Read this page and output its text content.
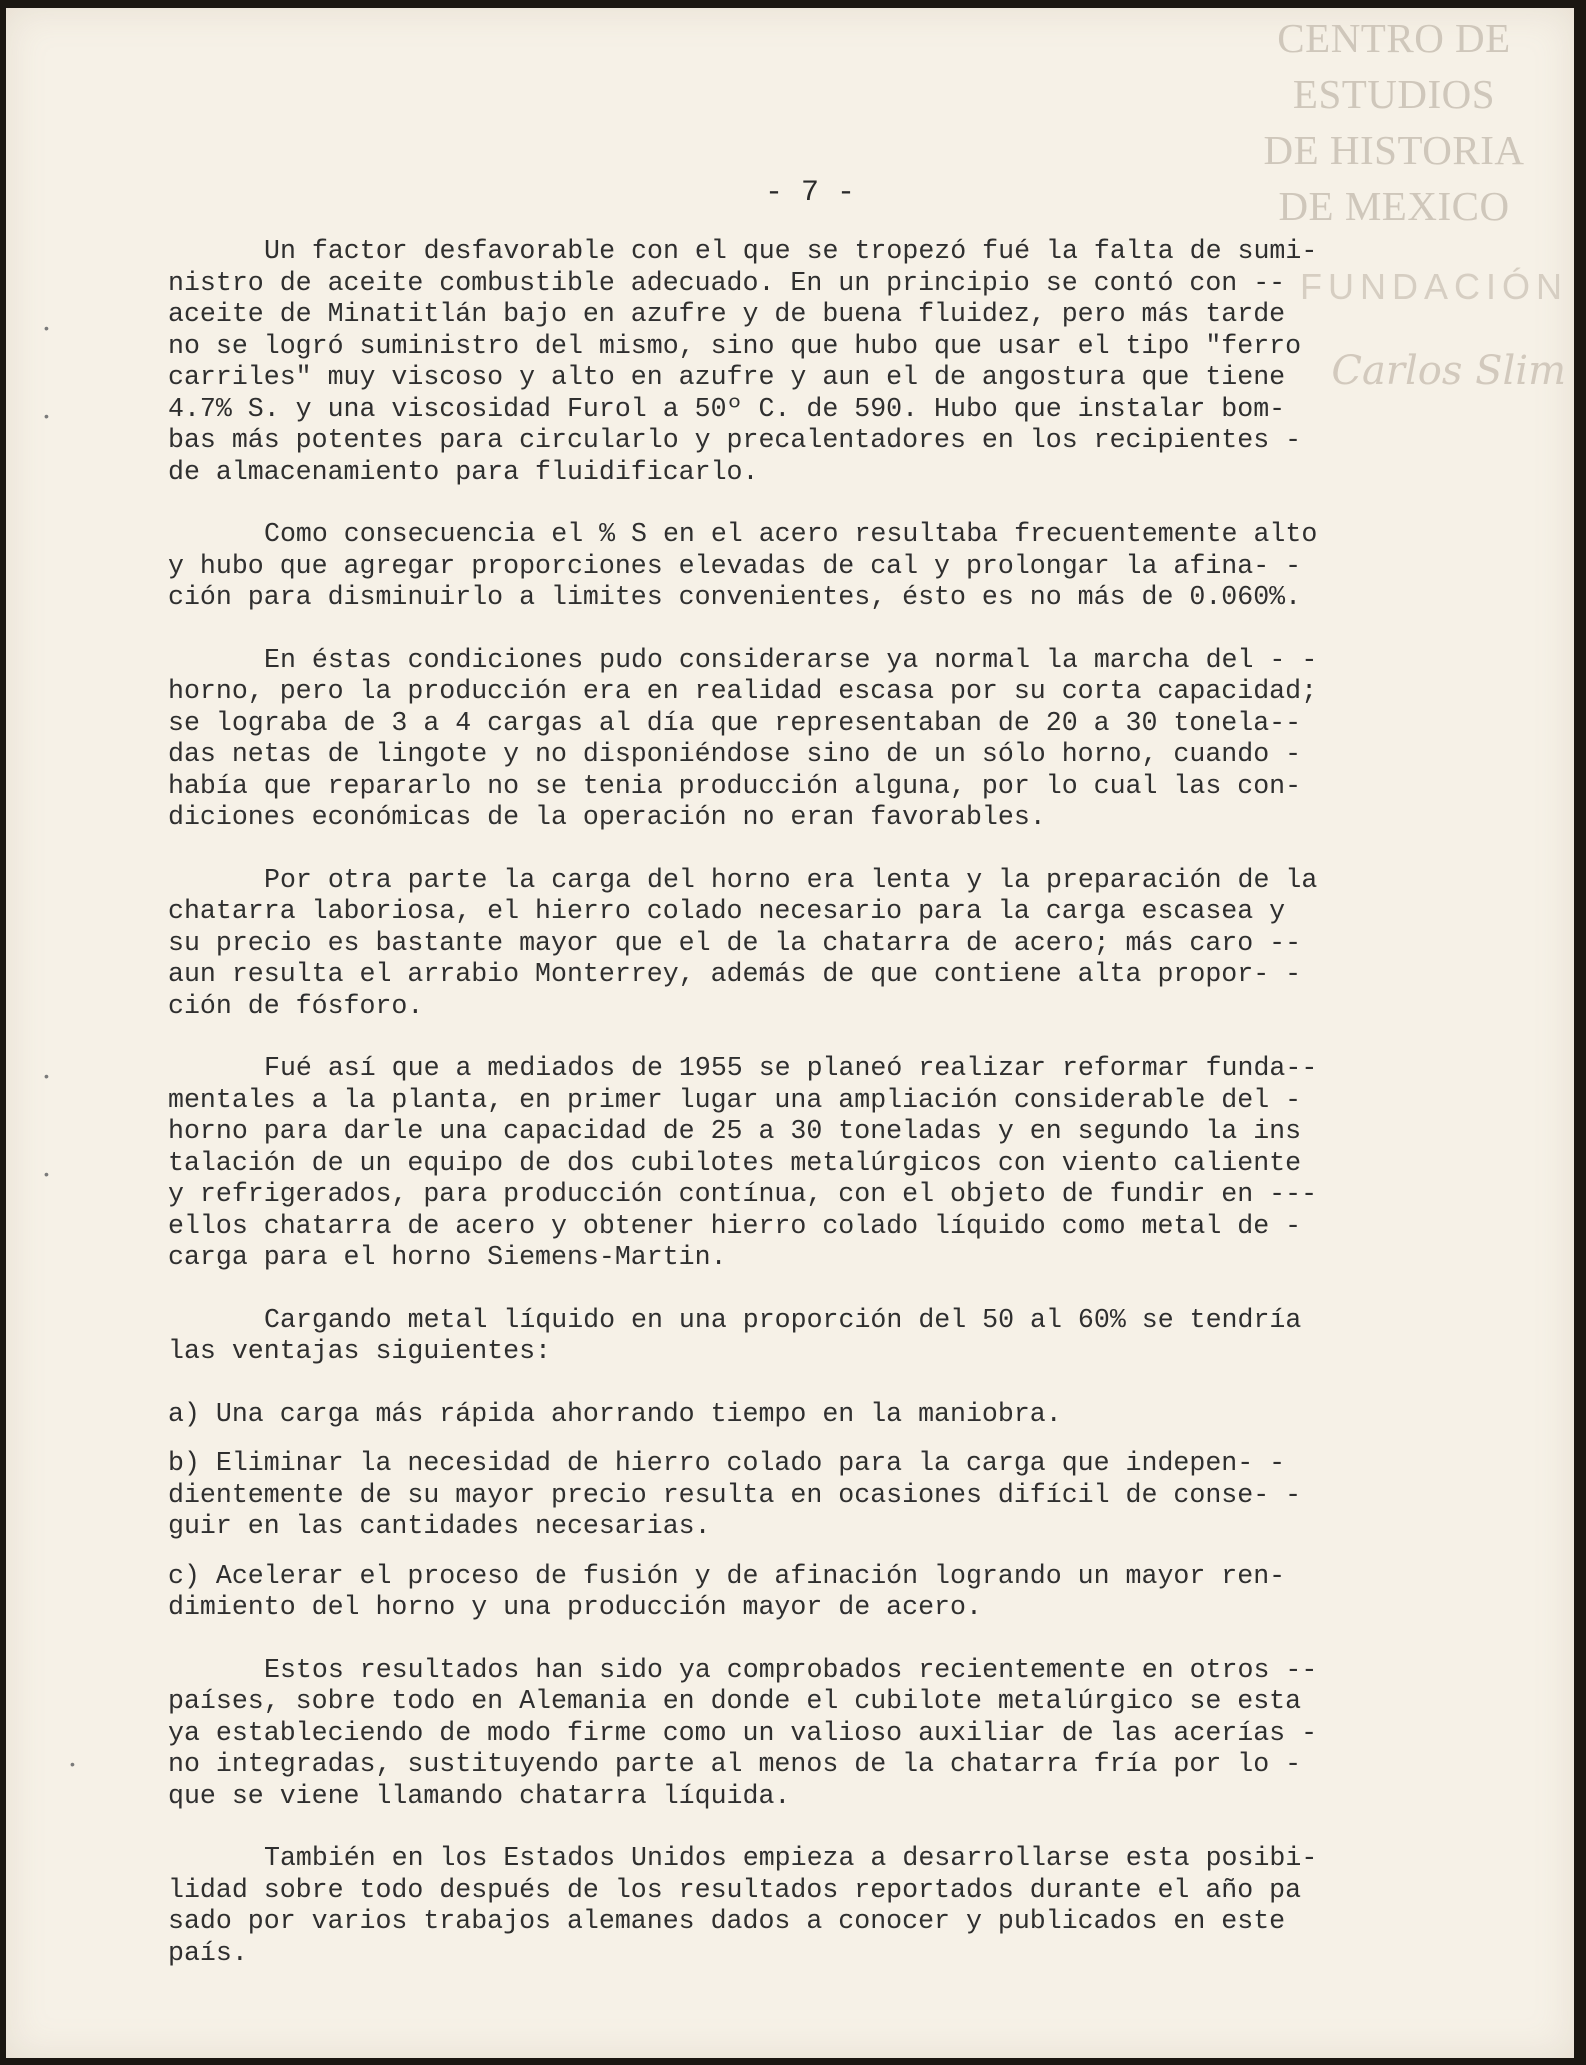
CENTRO DE
ESTUDIOS
DE HISTORIA
DE MEXICO
FUNDACIÓN
Carlos Slim
- 7 -
•
•
•
•
•
Un factor desfavorable con el que se tropezó fué la falta de sumi-
nistro de aceite combustible adecuado. En un principio se contó con --
aceite de Minatitlán bajo en azufre y de buena fluidez, pero más tarde
no se logró suministro del mismo, sino que hubo que usar el tipo "ferro
carriles" muy viscoso y alto en azufre y aun el de angostura que tiene
4.7% S. y una viscosidad Furol a 50º C. de 590. Hubo que instalar bom-
bas más potentes para circularlo y precalentadores en los recipientes -
de almacenamiento para fluidificarlo.
Como consecuencia el % S en el acero resultaba frecuentemente alto
y hubo que agregar proporciones elevadas de cal y prolongar la afina- -
ción para disminuirlo a limites convenientes, ésto es no más de 0.060%.
En éstas condiciones pudo considerarse ya normal la marcha del - -
horno, pero la producción era en realidad escasa por su corta capacidad;
se lograba de 3 a 4 cargas al día que representaban de 20 a 30 tonela--
das netas de lingote y no disponiéndose sino de un sólo horno, cuando -
había que repararlo no se tenia producción alguna, por lo cual las con-
diciones económicas de la operación no eran favorables.
Por otra parte la carga del horno era lenta y la preparación de la
chatarra laboriosa, el hierro colado necesario para la carga escasea y
su precio es bastante mayor que el de la chatarra de acero; más caro --
aun resulta el arrabio Monterrey, además de que contiene alta propor- -
ción de fósforo.
Fué así que a mediados de 1955 se planeó realizar reformar funda--
mentales a la planta, en primer lugar una ampliación considerable del -
horno para darle una capacidad de 25 a 30 toneladas y en segundo la ins
talación de un equipo de dos cubilotes metalúrgicos con viento caliente
y refrigerados, para producción contínua, con el objeto de fundir en ---
ellos chatarra de acero y obtener hierro colado líquido como metal de -
carga para el horno Siemens-Martin.
Cargando metal líquido en una proporción del 50 al 60% se tendría
las ventajas siguientes:
a) Una carga más rápida ahorrando tiempo en la maniobra.
b) Eliminar la necesidad de hierro colado para la carga que indepen- -
dientemente de su mayor precio resulta en ocasiones difícil de conse- -
guir en las cantidades necesarias.
c) Acelerar el proceso de fusión y de afinación logrando un mayor ren-
dimiento del horno y una producción mayor de acero.
Estos resultados han sido ya comprobados recientemente en otros --
países, sobre todo en Alemania en donde el cubilote metalúrgico se esta
ya estableciendo de modo firme como un valioso auxiliar de las acerías -
no integradas, sustituyendo parte al menos de la chatarra fría por lo -
que se viene llamando chatarra líquida.
También en los Estados Unidos empieza a desarrollarse esta posibi-
lidad sobre todo después de los resultados reportados durante el año pa
sado por varios trabajos alemanes dados a conocer y publicados en este
país.
